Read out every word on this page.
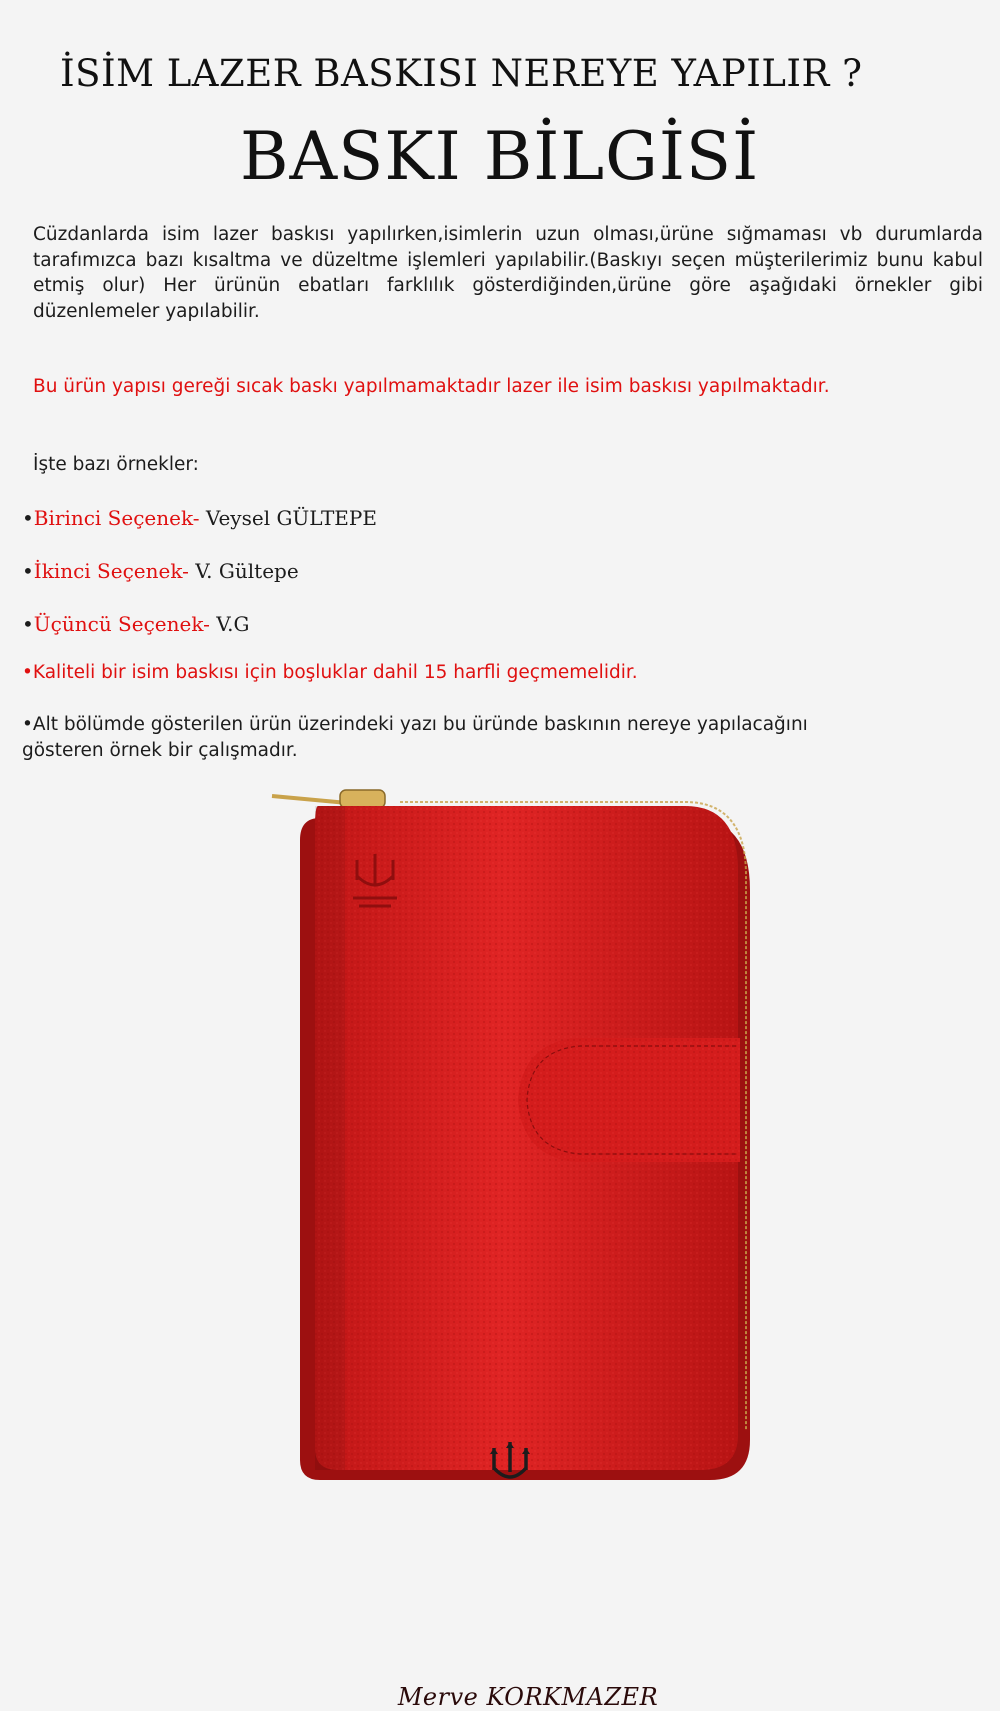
İSİM LAZER BASKISI NEREYE YAPILIR ?
BASKI BİLGİSİ
Cüzdanlarda isim lazer baskısı yapılırken,isimlerin uzun olması,ürüne sığmaması vb durumlarda tarafımızca bazı kısaltma ve düzeltme işlemleri yapılabilir.(Baskıyı seçen müşterilerimiz bunu kabul etmiş olur) Her ürünün ebatları farklılık gösterdiğinden,ürüne göre aşağıdaki örnekler gibi düzenlemeler yapılabilir.
Bu ürün yapısı gereği sıcak baskı yapılmamaktadır lazer ile isim baskısı yapılmaktadır.
İşte bazı örnekler:
•Birinci Seçenek- Veysel GÜLTEPE
•İkinci Seçenek- V. Gültepe
•Üçüncü Seçenek- V.G
•Kaliteli bir isim baskısı için boşluklar dahil 15 harfli geçmemelidir.
•Alt bölümde gösterilen ürün üzerindeki yazı bu üründe baskının nereye yapılacağını gösteren örnek bir çalışmadır.
Merve KORKMAZER
